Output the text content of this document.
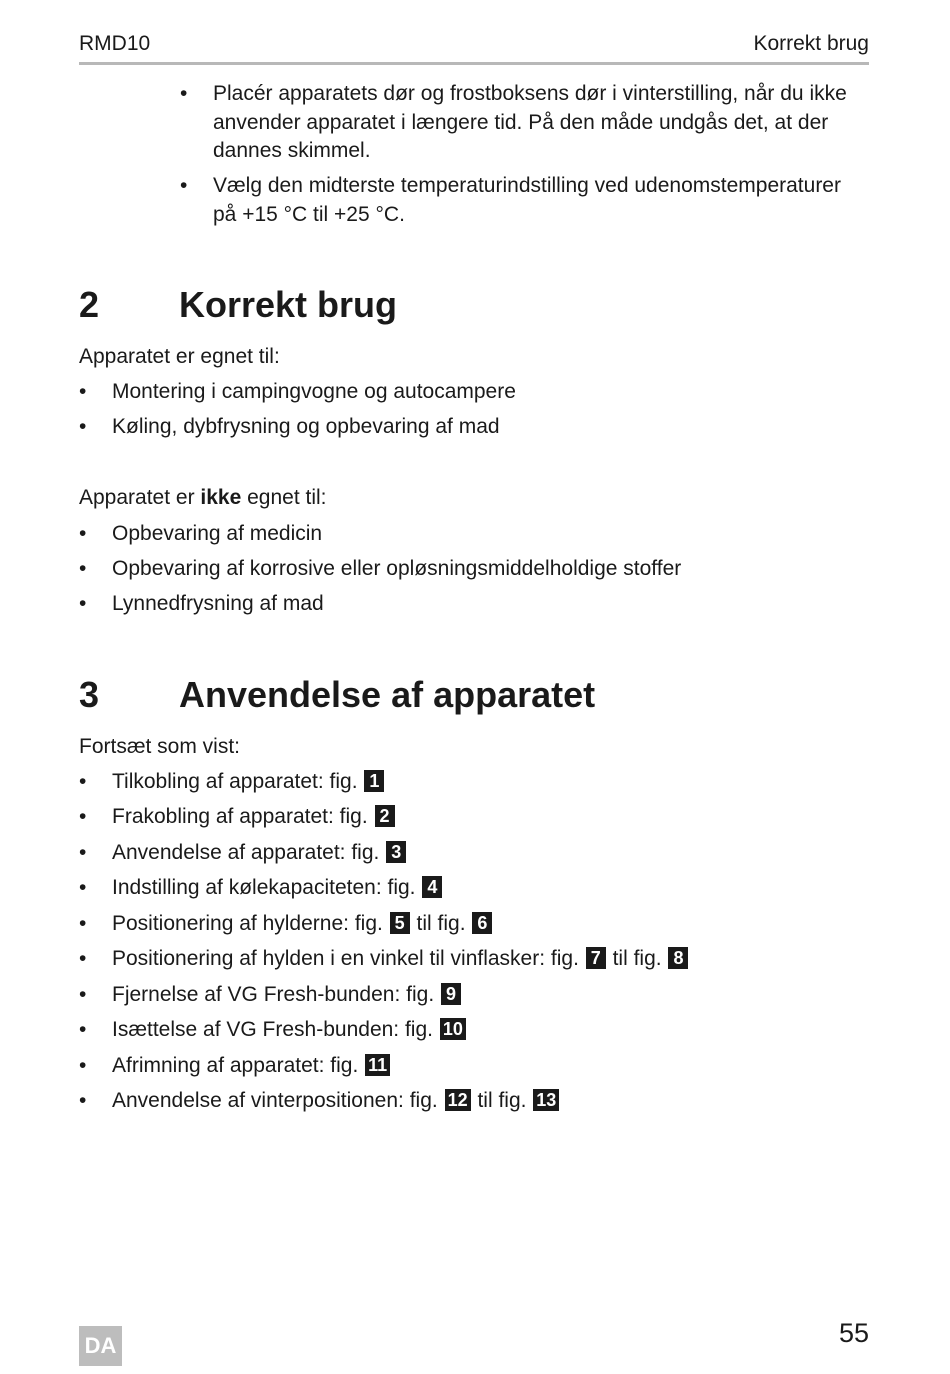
RMD10	Korrekt brug
• Placér apparatets dør og frostboksens dør i vinterstilling, når du ikke anvender apparatet i længere tid. På den måde undgås det, at der dannes skimmel.
• Vælg den midterste temperaturindstilling ved udenomstemperaturer på +15 °C til +25 °C.
2 Korrekt brug
Apparatet er egnet til:
• Montering i campingvogne og autocampere
• Køling, dybfrysning og opbevaring af mad
Apparatet er ikke egnet til:
• Opbevaring af medicin
• Opbevaring af korrosive eller opløsningsmiddelholdige stoffer
• Lynnedfrysning af mad
3 Anvendelse af apparatet
Fortsæt som vist:
• Tilkobling af apparatet: fig. 1
• Frakobling af apparatet: fig. 2
• Anvendelse af apparatet: fig. 3
• Indstilling af kølekapaciteten: fig. 4
• Positionering af hylderne: fig. 5 til fig. 6
• Positionering af hylden i en vinkel til vinflasker: fig. 7 til fig. 8
• Fjernelse af VG Fresh-bunden: fig. 9
• Isættelse af VG Fresh-bunden: fig. 10
• Afrimning af apparatet: fig. 11
• Anvendelse af vinterpositionen: fig. 12 til fig. 13
DA	55
